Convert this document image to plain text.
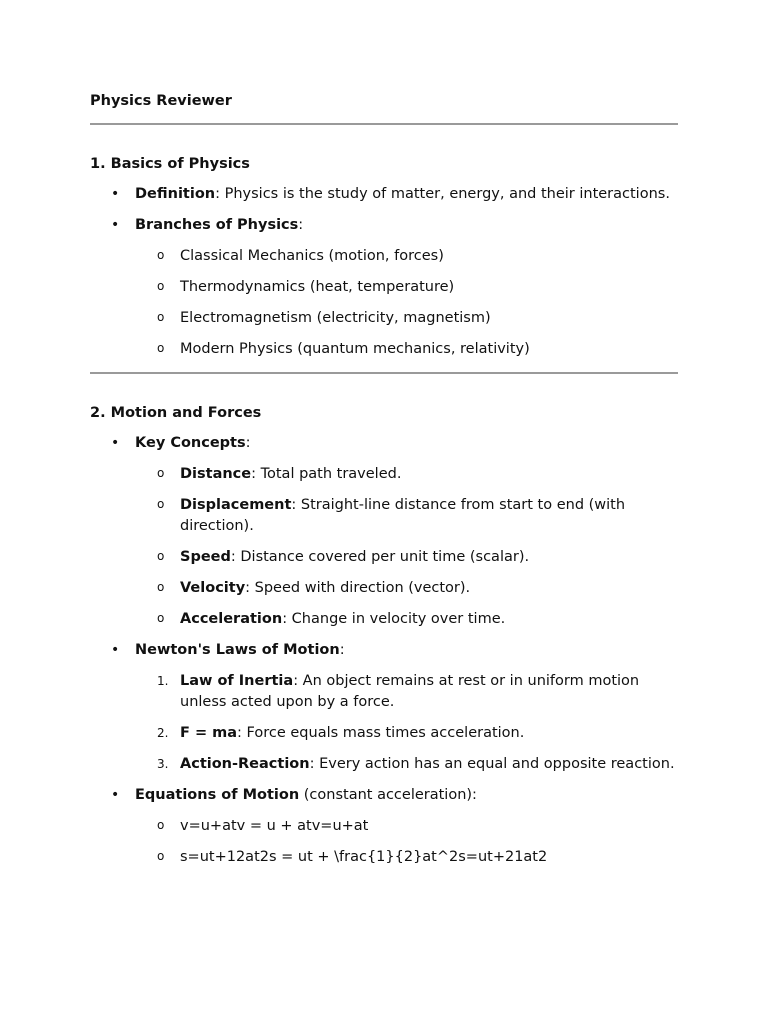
Physics Reviewer
1. Basics of Physics
• Definition: Physics is the study of matter, energy, and their interactions.
• Branches of Physics:
o Classical Mechanics (motion, forces)
o Thermodynamics (heat, temperature)
o Electromagnetism (electricity, magnetism)
o Modern Physics (quantum mechanics, relativity)
2. Motion and Forces
• Key Concepts:
o Distance: Total path traveled.
o Displacement: Straight-line distance from start to end (with direction).
o Speed: Distance covered per unit time (scalar).
o Velocity: Speed with direction (vector).
o Acceleration: Change in velocity over time.
• Newton's Laws of Motion:
1. Law of Inertia: An object remains at rest or in uniform motion unless acted upon by a force.
2. F = ma: Force equals mass times acceleration.
3. Action-Reaction: Every action has an equal and opposite reaction.
• Equations of Motion (constant acceleration):
o v=u+atv = u + atv=u+at
o s=ut+12at2s = ut + \frac{1}{2}at^2s=ut+21at2
